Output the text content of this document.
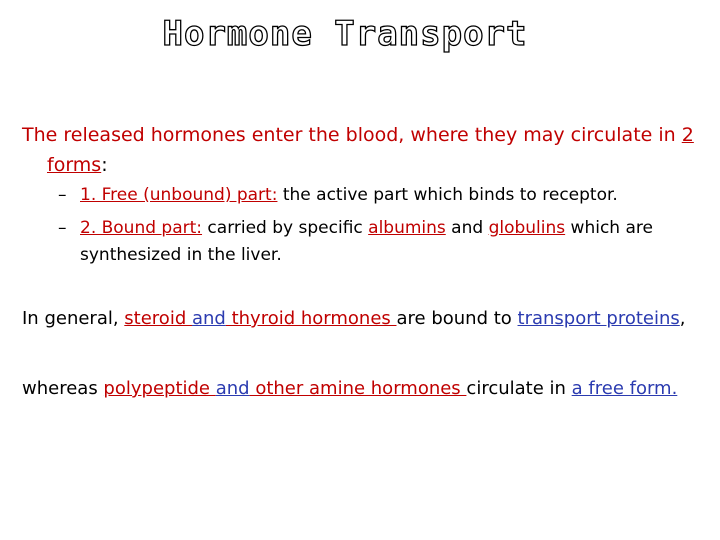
Hormone Transport
The released hormones enter the blood, where they may circulate in 2 forms:
– 1. Free (unbound) part: the active part which binds to receptor.
– 2. Bound part: carried by specific albumins and globulins which are synthesized in the liver.
In general, steroid and thyroid hormones are bound to transport proteins,
whereas polypeptide and other amine hormones circulate in a free form.
